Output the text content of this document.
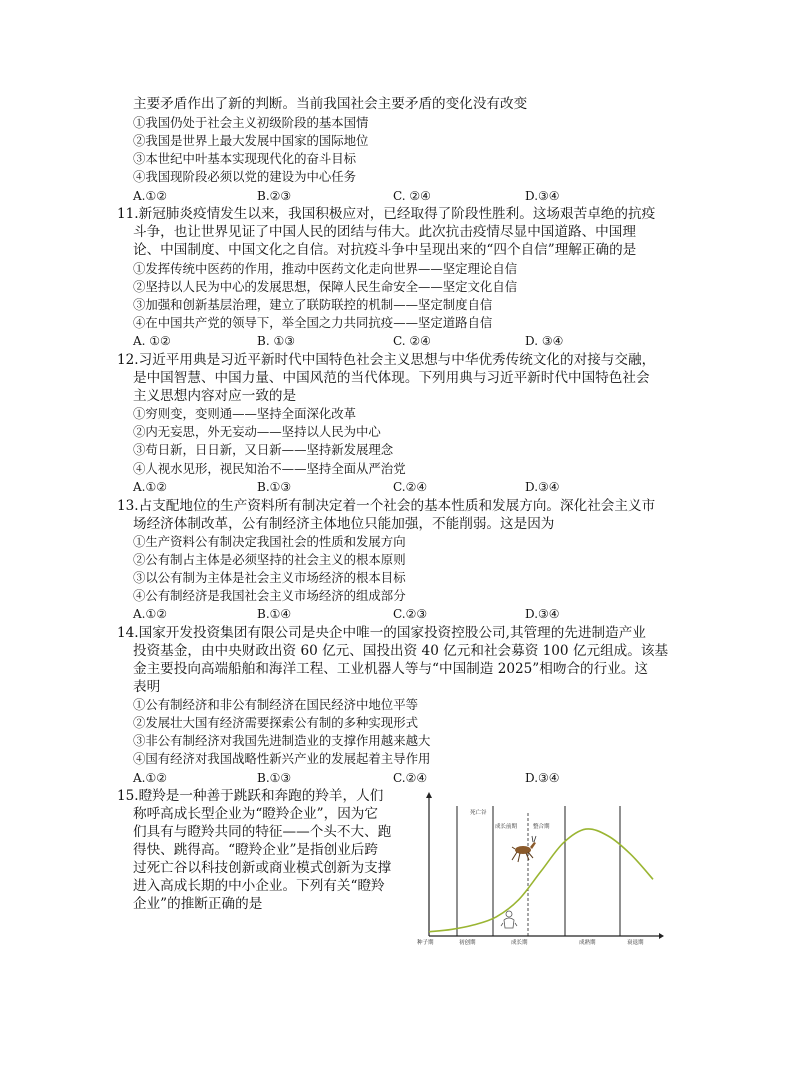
主要矛盾作出了新的判断。当前我国社会主要矛盾的变化没有改变
①我国仍处于社会主义初级阶段的基本国情
②我国是世界上最大发展中国家的国际地位
③本世纪中叶基本实现现代化的奋斗目标
④我国现阶段必须以党的建设为中心任务
A.①②	B.②③	C. ②④	D.③④
11.新冠肺炎疫情发生以来，我国积极应对，已经取得了阶段性胜利。这场艰苦卓绝的抗疫
斗争，也让世界见证了中国人民的团结与伟大。此次抗击疫情尽显中国道路、中国理
论、中国制度、中国文化之自信。对抗疫斗争中呈现出来的“四个自信”理解正确的是
①发挥传统中医药的作用，推动中医药文化走向世界——坚定理论自信
②坚持以人民为中心的发展思想，保障人民生命安全——坚定文化自信
③加强和创新基层治理，建立了联防联控的机制——坚定制度自信
④在中国共产党的领导下，举全国之力共同抗疫——坚定道路自信
A. ①②	B. ①③	C. ②④	D. ③④
12.习近平用典是习近平新时代中国特色社会主义思想与中华优秀传统文化的对接与交融，
是中国智慧、中国力量、中国风范的当代体现。下列用典与习近平新时代中国特色社会
主义思想内容对应一致的是
①穷则变，变则通——坚持全面深化改革
②内无妄思，外无妄动——坚持以人民为中心
③苟日新，日日新，又日新——坚持新发展理念
④人视水见形，视民知治不——坚持全面从严治党
A.①②	B.①③	C.②④	D.③④
13.占支配地位的生产资料所有制决定着一个社会的基本性质和发展方向。深化社会主义市
场经济体制改革，公有制经济主体地位只能加强，不能削弱。这是因为
①生产资料公有制决定我国社会的性质和发展方向
②公有制占主体是必须坚持的社会主义的根本原则
③以公有制为主体是社会主义市场经济的根本目标
④公有制经济是我国社会主义市场经济的组成部分
A.①②	B.①④	C.②③	D.③④
14.国家开发投资集团有限公司是央企中唯一的国家投资控股公司,其管理的先进制造产业
投资基金，由中央财政出资 60 亿元、国投出资 40 亿元和社会募资 100 亿元组成。该基
金主要投向高端船舶和海洋工程、工业机器人等与“中国制造 2025”相吻合的行业。这
表明
①公有制经济和非公有制经济在国民经济中地位平等
②发展壮大国有经济需要探索公有制的多种实现形式
③非公有制经济对我国先进制造业的支撑作用越来越大
④国有经济对我国战略性新兴产业的发展起着主导作用
A.①②	B.①③	C.②④	D.③④
15.瞪羚是一种善于跳跃和奔跑的羚羊，人们
称呼高成长型企业为“瞪羚企业”，因为它
们具有与瞪羚共同的特征——个头不大、跑
得快、跳得高。“瞪羚企业”是指创业后跨
过死亡谷以科技创新或商业模式创新为支撑
进入高成长期的中小企业。下列有关“瞪羚
企业”的推断正确的是
死亡谷
成长前期	整合期
种子期	初创期	成长期	成熟期	衰退期
